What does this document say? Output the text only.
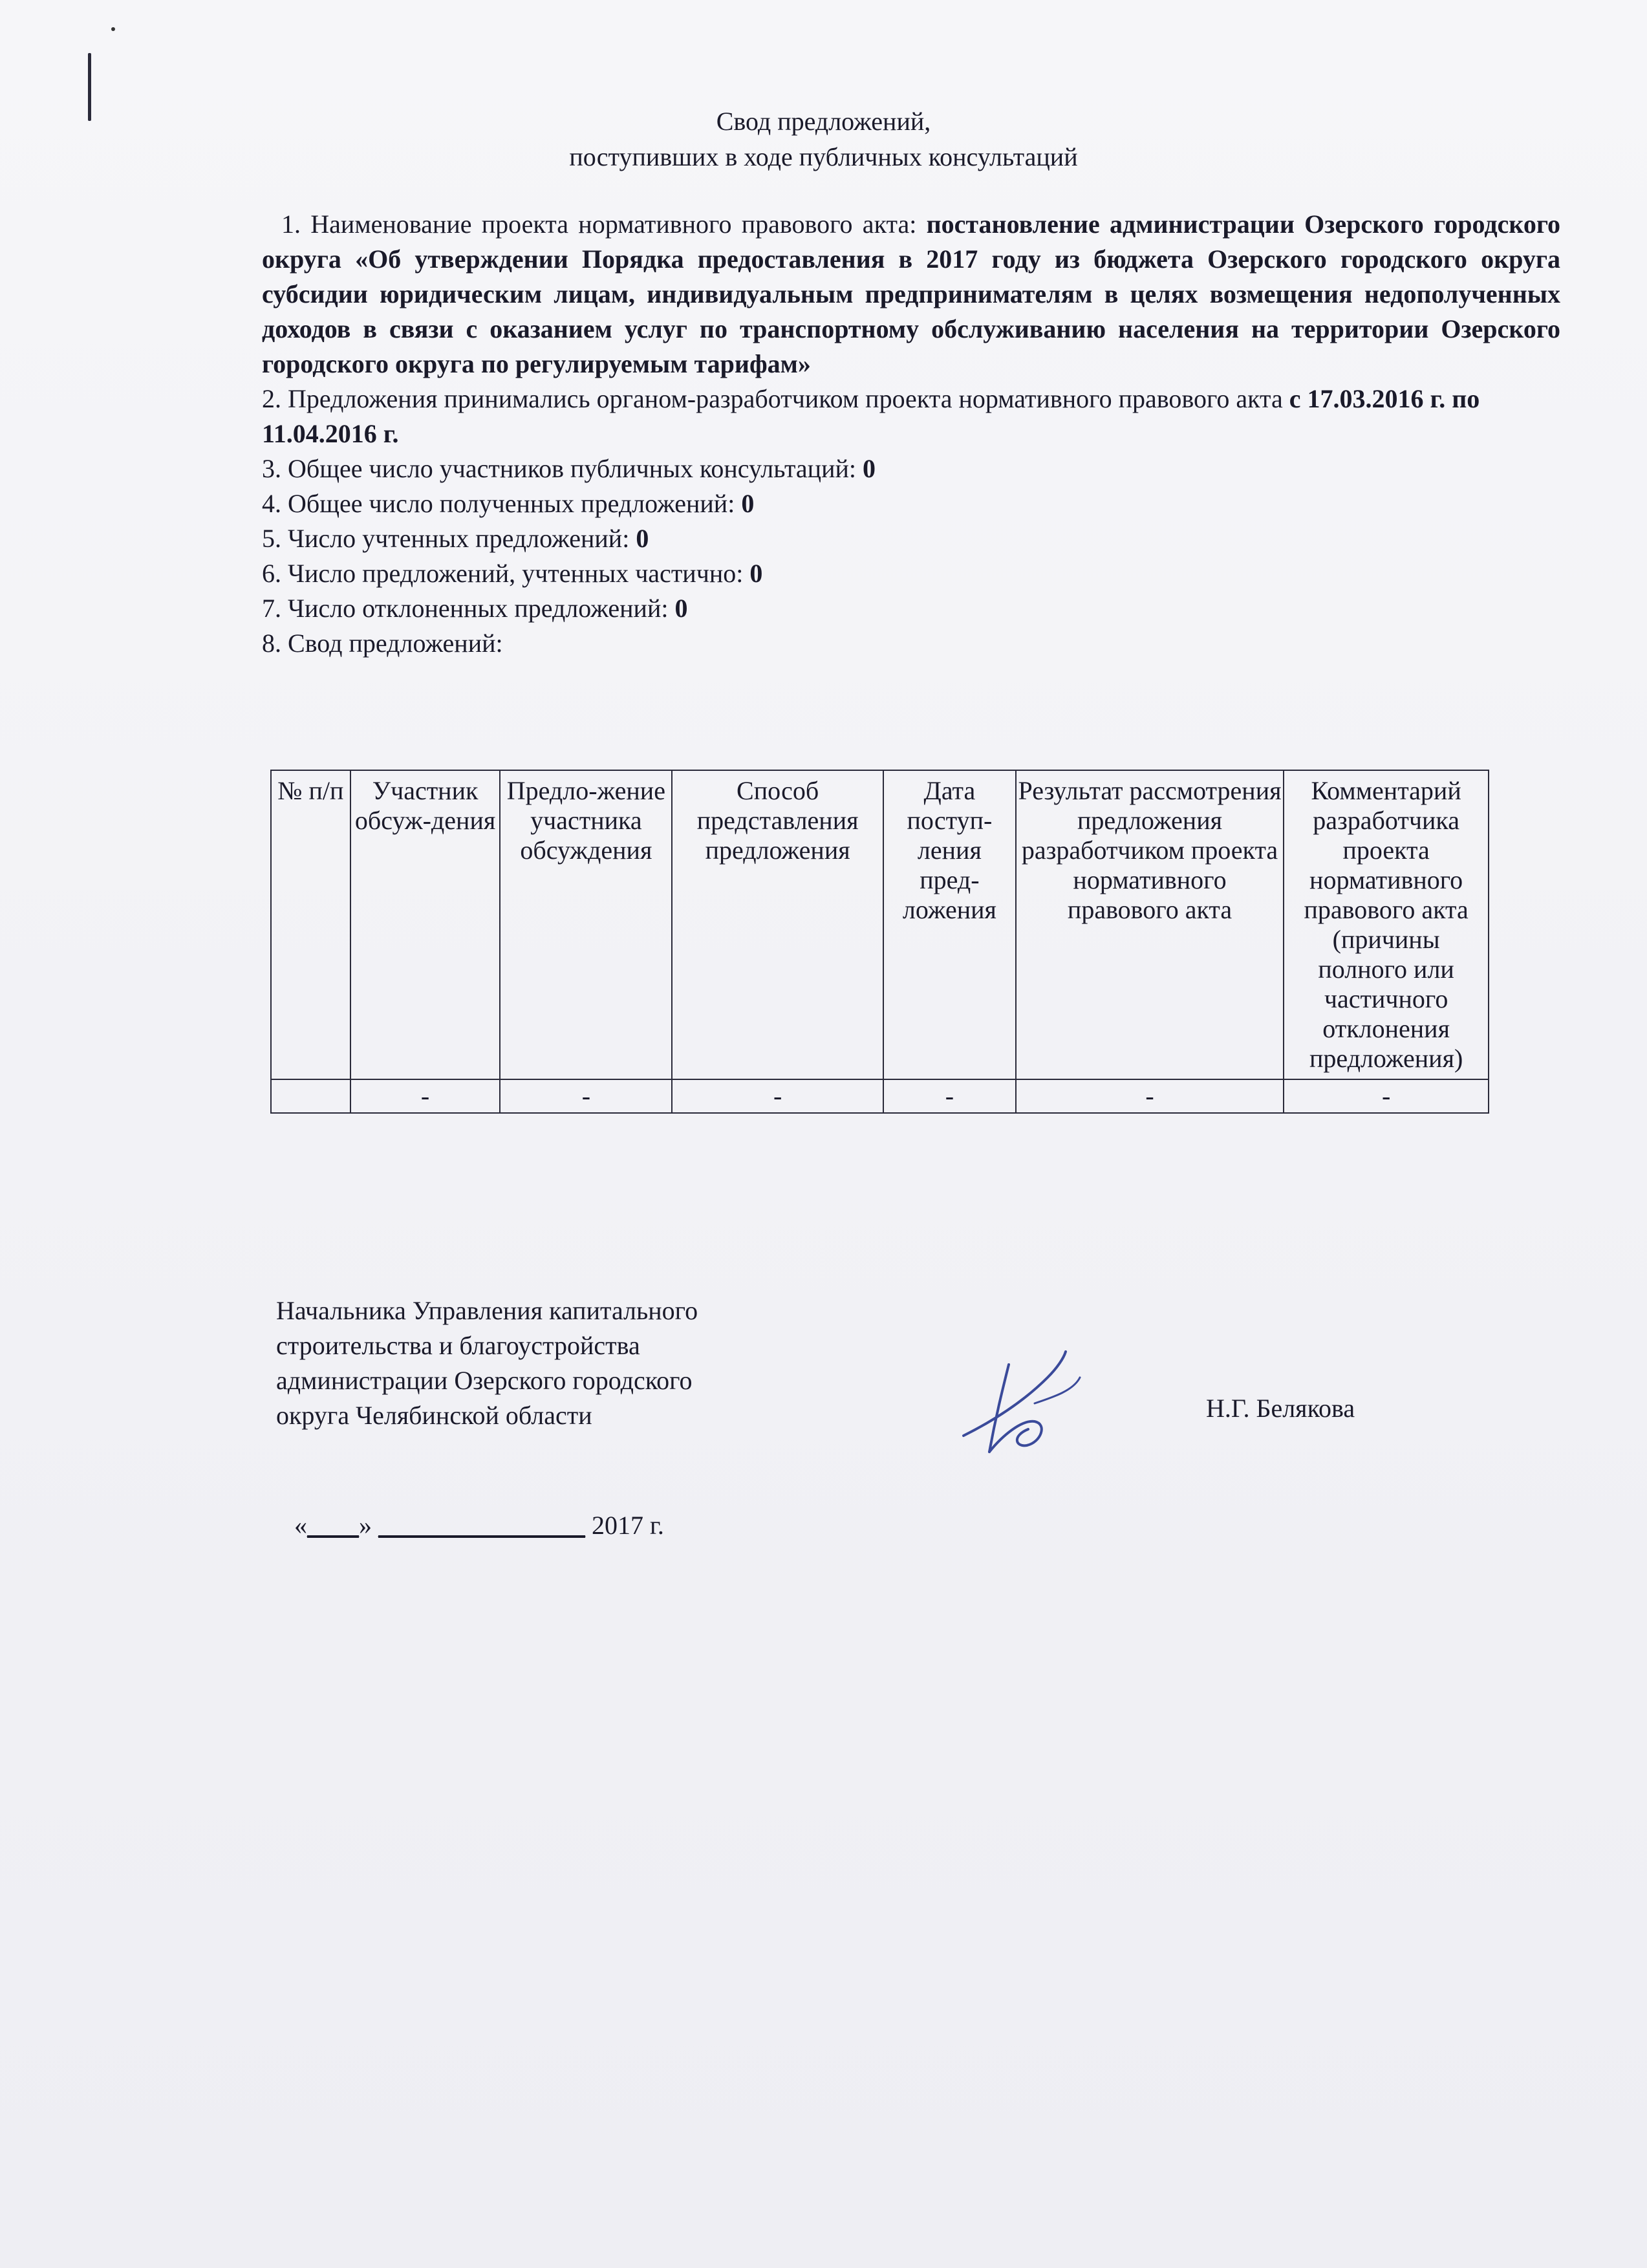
Свод предложений,
поступивших в ходе публичных консультаций

1. Наименование проекта нормативного правового акта: постановление администрации Озерского городского округа «Об утверждении Порядка предоставления в 2017 году из бюджета Озерского городского округа субсидии юридическим лицам, индивидуальным предпринимателям в целях возмещения недополученных доходов в связи с оказанием услуг по транспортному обслуживанию населения на территории Озерского городского округа по регулируемым тарифам»

2. Предложения принимались органом-разработчиком проекта нормативного правового акта с 17.03.2016 г. по 11.04.2016 г.

3. Общее число участников публичных консультаций: 0

4. Общее число полученных предложений: 0

5. Число учтенных предложений: 0

6. Число предложений, учтенных частично: 0

7. Число отклоненных предложений: 0

8. Свод предложений:

№ п/п	Участник обсуж-дения	Предло-жение участника обсуждения	Способ представления предложения	Дата поступ-ления пред-ложения	Результат рассмотрения предложения разработчиком проекта нормативного правового акта	Комментарий разработчика проекта нормативного правового акта (причины полного или частичного отклонения предложения)
	-	-	-	-	-	-
Начальника Управления капитального
строительства и благоустройства
администрации Озерского городского
округа Челябинской области	Н.Г. Белякова
«____» ________________ 2017 г.
